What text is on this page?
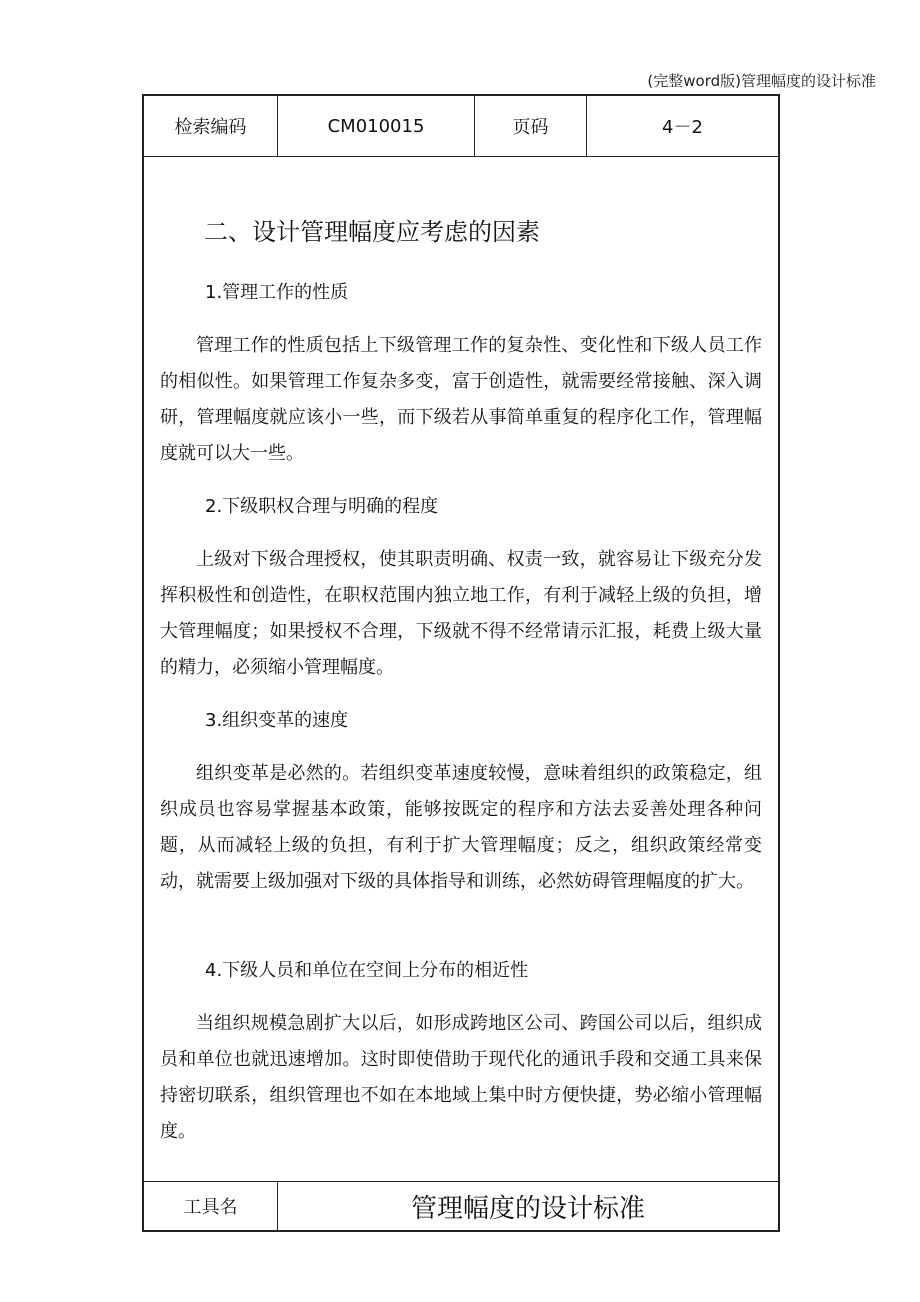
(完整word版)管理幅度的设计标准
检索编码	CM010015	页码	4－2
二、设计管理幅度应考虑的因素
1.管理工作的性质
管理工作的性质包括上下级管理工作的复杂性、变化性和下级人员工作的相似性。如果管理工作复杂多变，富于创造性，就需要经常接触、深入调研，管理幅度就应该小一些，而下级若从事简单重复的程序化工作，管理幅度就可以大一些。
2.下级职权合理与明确的程度
上级对下级合理授权，使其职责明确、权责一致，就容易让下级充分发挥积极性和创造性，在职权范围内独立地工作，有利于减轻上级的负担，增大管理幅度；如果授权不合理，下级就不得不经常请示汇报，耗费上级大量的精力，必须缩小管理幅度。
3.组织变革的速度
组织变革是必然的。若组织变革速度较慢，意味着组织的政策稳定，组织成员也容易掌握基本政策，能够按既定的程序和方法去妥善处理各种问题，从而减轻上级的负担，有利于扩大管理幅度；反之，组织政策经常变动，就需要上级加强对下级的具体指导和训练，必然妨碍管理幅度的扩大。
4.下级人员和单位在空间上分布的相近性
当组织规模急剧扩大以后，如形成跨地区公司、跨国公司以后，组织成员和单位也就迅速增加。这时即使借助于现代化的通讯手段和交通工具来保持密切联系，组织管理也不如在本地域上集中时方便快捷，势必缩小管理幅度。
工具名	管理幅度的设计标准
